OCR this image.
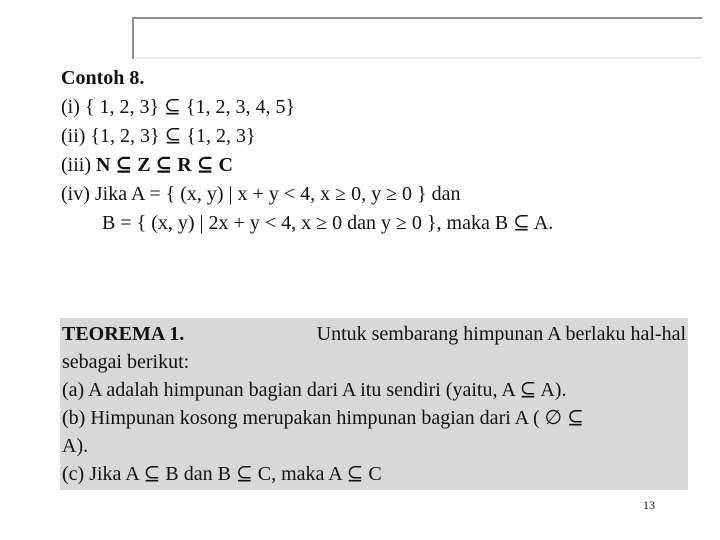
Contoh 8.
(i) { 1, 2, 3} ⊆ {1, 2, 3, 4, 5}
(ii) {1, 2, 3} ⊆ {1, 2, 3}
(iii) N ⊆ Z ⊆ R ⊆ C
(iv) Jika A = { (x, y) | x + y < 4, x ≥ 0, y ≥ 0 } dan
B = { (x, y) | 2x + y < 4, x ≥ 0 dan y ≥ 0 }, maka B ⊆ A.
TEOREMA 1.	Untuk sembarang himpunan A berlaku hal-hal
sebagai berikut:
(a) A adalah himpunan bagian dari A itu sendiri (yaitu, A ⊆ A).
(b) Himpunan kosong merupakan himpunan bagian dari A ( ∅ ⊆
A).
(c) Jika A ⊆ B dan B ⊆ C, maka A ⊆ C
13
